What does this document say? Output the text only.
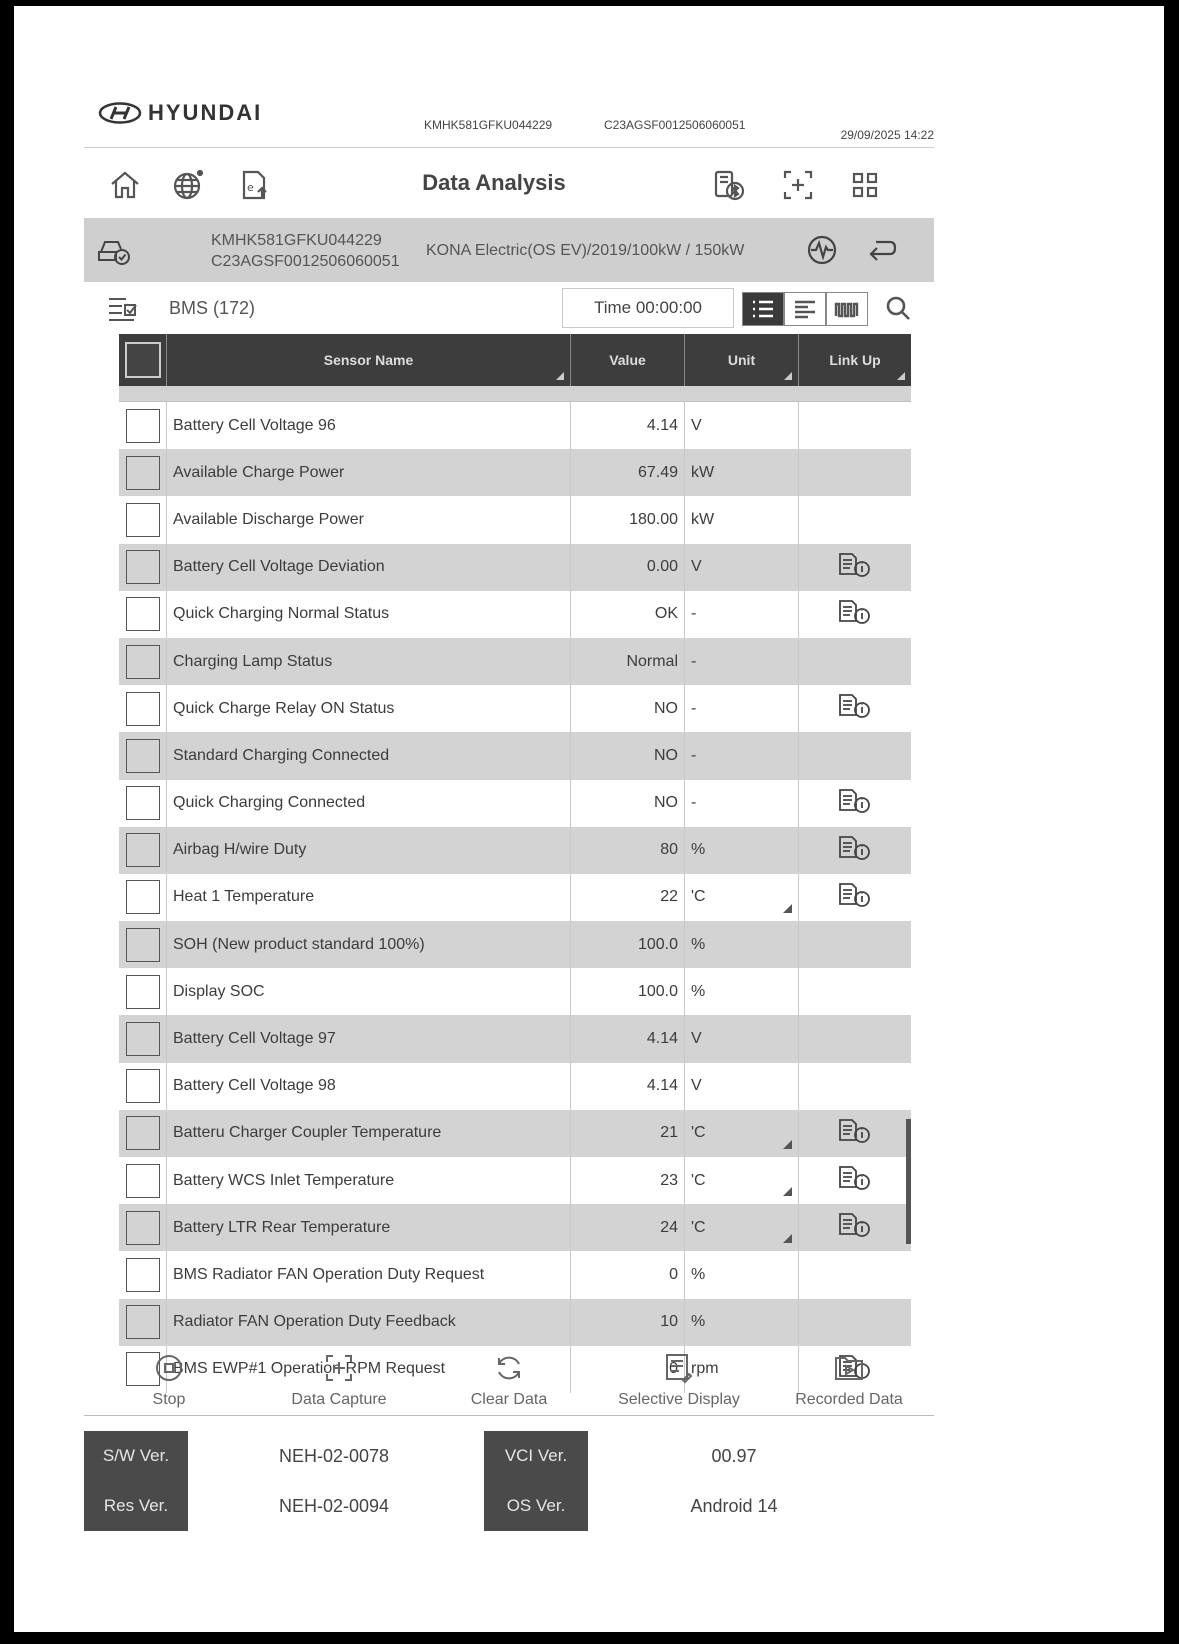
HYUNDAI	KMHK581GFKU044229	C23AGSF0012506060051
29/09/2025 14:22
e	Data Analysis
KMHK581GFKU044229
C23AGSF0012506060051
KONA Electric(OS EV)/2019/100kW / 150kW
BMS (172)	Time 00:00:00
Sensor Name	Value	Unit	Link Up
Battery Cell Voltage 96	4.14 V
Available Charge Power	67.49 kW
Available Discharge Power	180.00 kW
Battery Cell Voltage Deviation	0.00 V
Quick Charging Normal Status	OK -
Charging Lamp Status	Normal -
Quick Charge Relay ON Status	NO -
Standard Charging Connected	NO -
Quick Charging Connected	NO -
Airbag H/wire Duty	80 %
Heat 1 Temperature	22 'C
SOH (New product standard 100%)	100.0 %
Display SOC	100.0 %
Battery Cell Voltage 97	4.14 V
Battery Cell Voltage 98	4.14 V
Batteru Charger Coupler Temperature	21 'C
Battery WCS Inlet Temperature	23 'C
Battery LTR Rear Temperature	24 'C
BMS Radiator FAN Operation Duty Request	0 %
Radiator FAN Operation Duty Feedback	10 %
BMS EWP#1 Operation RPM Request	0 rpm
Stop	Data Capture	Clear Data	Selective Display	Recorded Data
S/W Ver.	NEH-02-0078
Res Ver.	NEH-02-0094
VCI Ver.	00.97
OS Ver.	Android 14
